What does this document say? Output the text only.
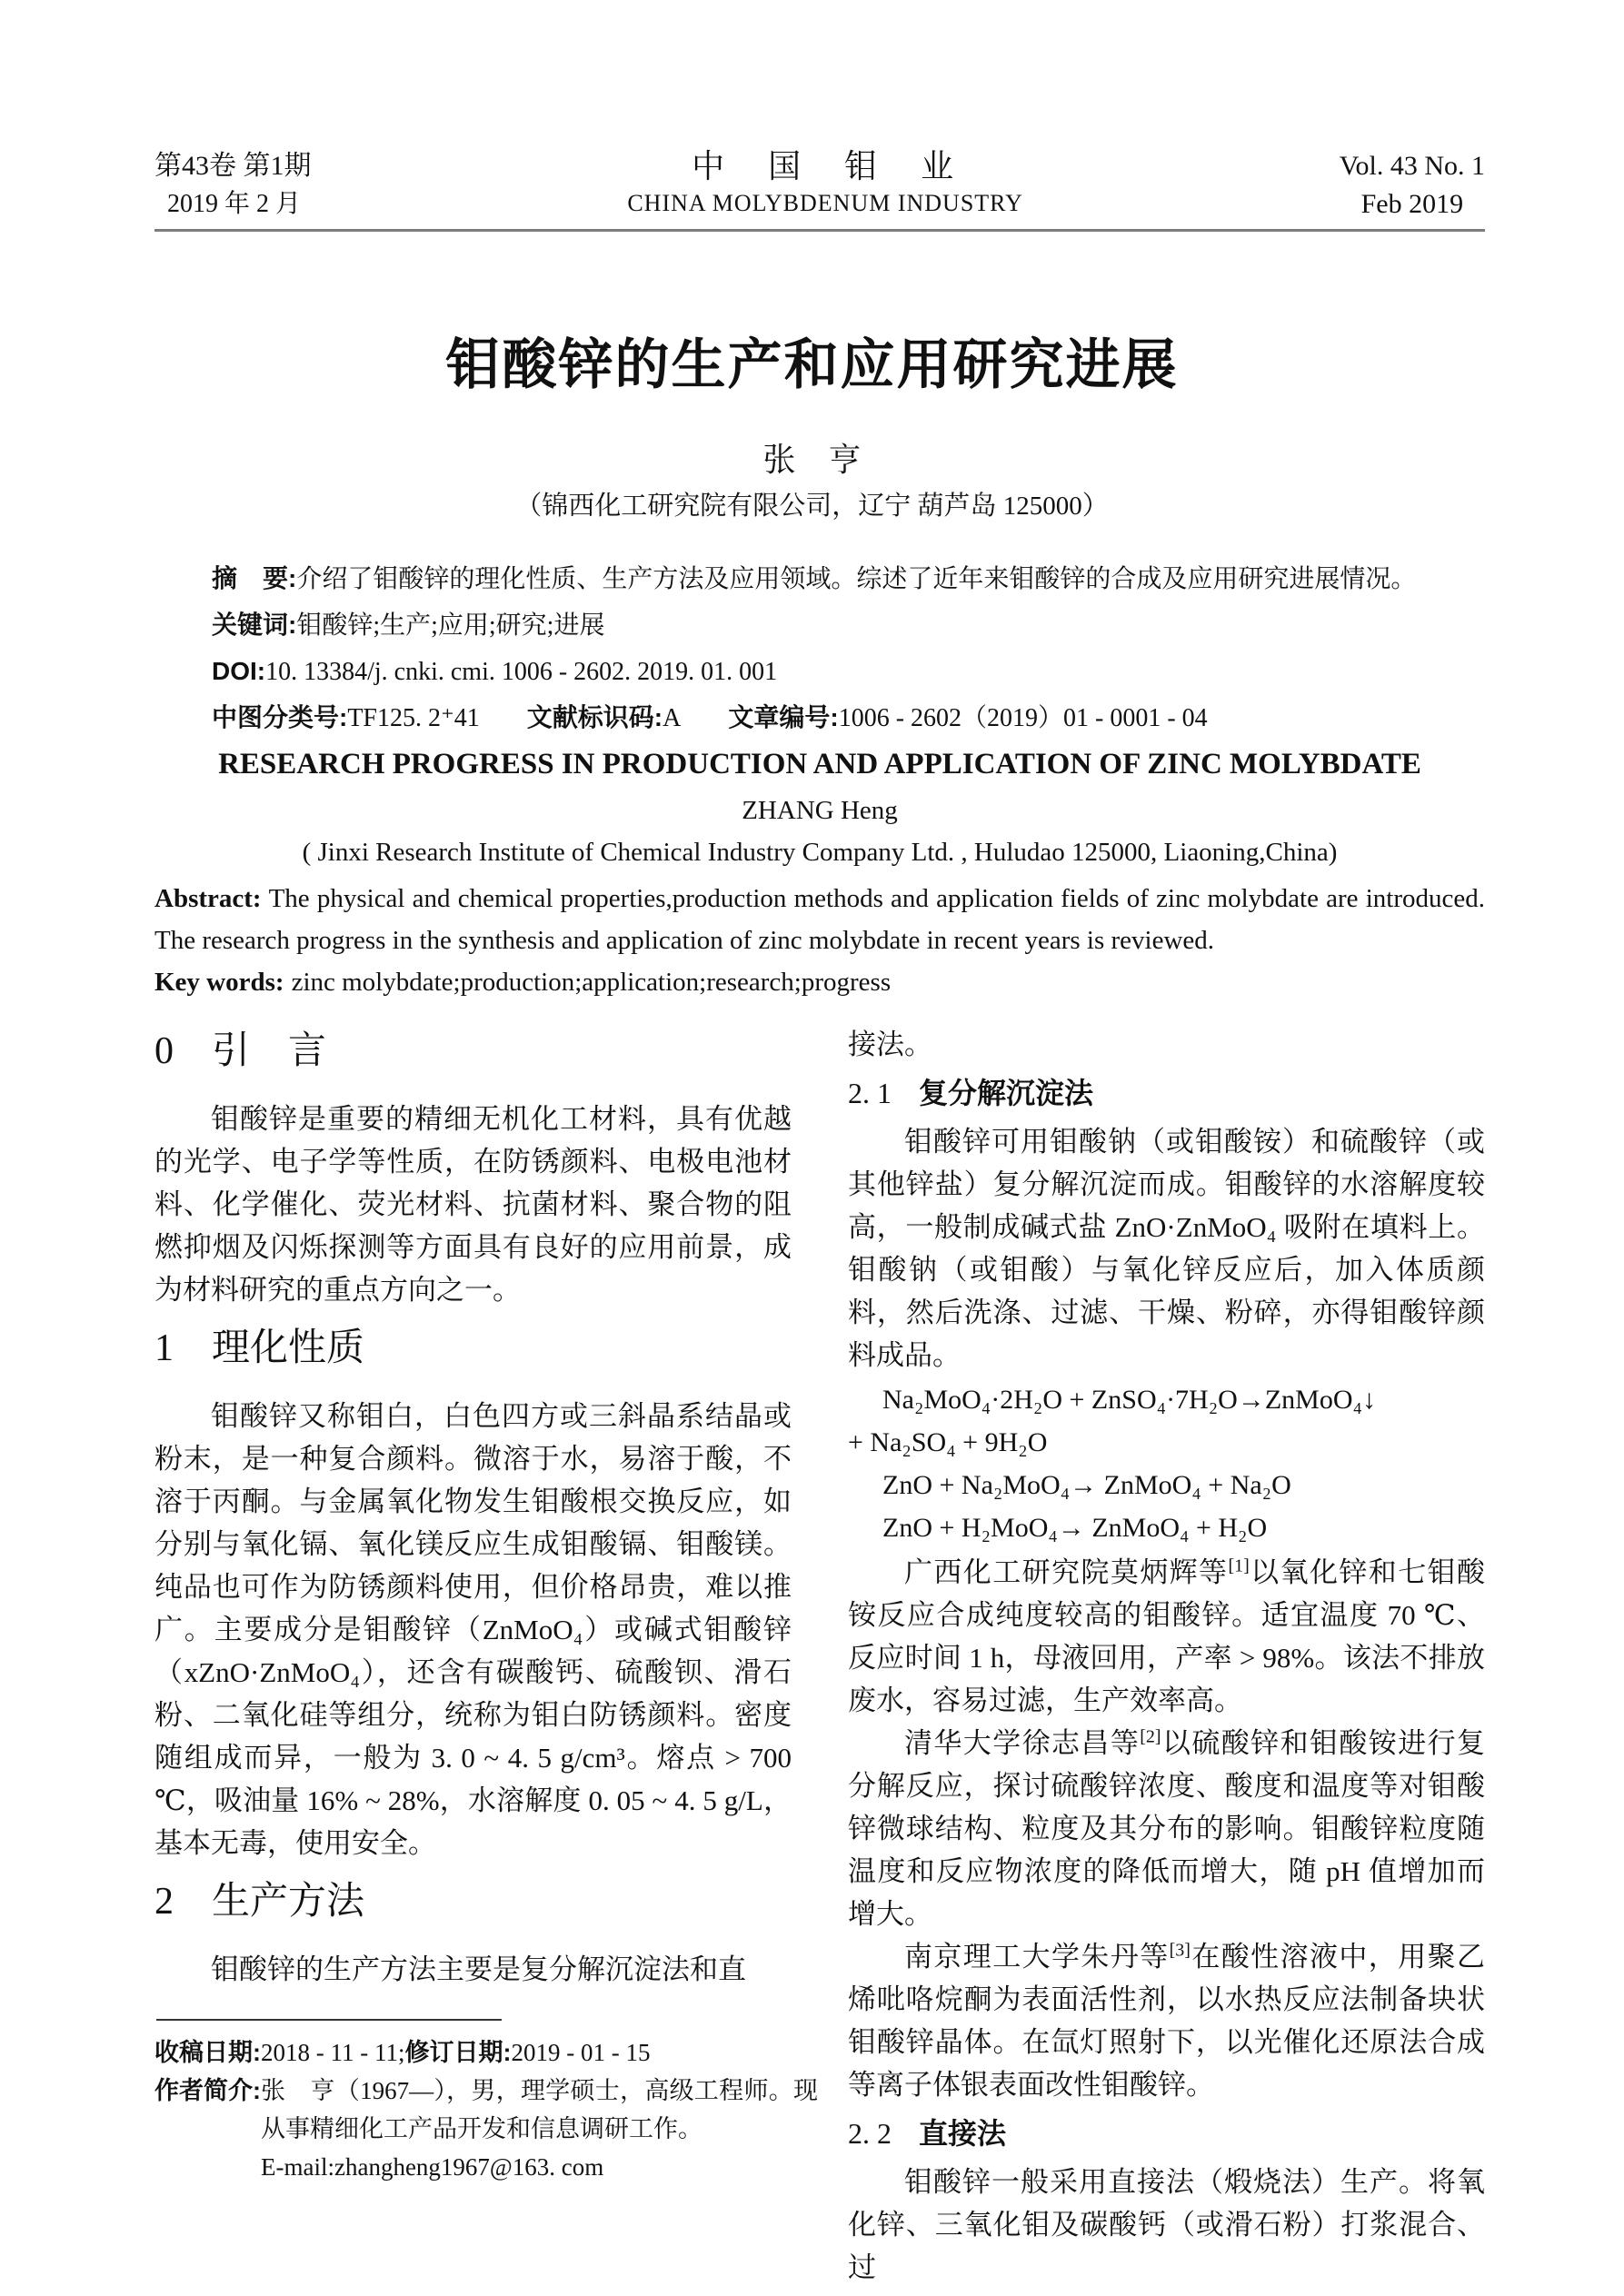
第43卷 第1期
2019 年 2 月
中　国　钼　业
CHINA MOLYBDENUM INDUSTRY
Vol. 43 No. 1
Feb 2019
钼酸锌的生产和应用研究进展
张　亨
（锦西化工研究院有限公司，辽宁 葫芦岛 125000）

摘　要:介绍了钼酸锌的理化性质、生产方法及应用领域。综述了近年来钼酸锌的合成及应用研究进展情况。

关键词:钼酸锌;生产;应用;研究;进展

DOI:10. 13384/j. cnki. cmi. 1006 - 2602. 2019. 01. 001

中图分类号:TF125. 2⁺41 文献标识码:A 文章编号:1006 - 2602（2019）01 - 0001 - 04

RESEARCH PROGRESS IN PRODUCTION AND APPLICATION OF ZINC MOLYBDATE
ZHANG Heng
( Jinxi Research Institute of Chemical Industry Company Ltd. , Huludao 125000, Liaoning,China)

Abstract: The physical and chemical properties,production methods and application fields of zinc molybdate are introduced. The research progress in the synthesis and application of zinc molybdate in recent years is reviewed.

Key words: zinc molybdate;production;application;research;progress

0　引　言

钼酸锌是重要的精细无机化工材料，具有优越的光学、电子学等性质，在防锈颜料、电极电池材料、化学催化、荧光材料、抗菌材料、聚合物的阻燃抑烟及闪烁探测等方面具有良好的应用前景，成为材料研究的重点方向之一。

1　理化性质

钼酸锌又称钼白，白色四方或三斜晶系结晶或粉末，是一种复合颜料。微溶于水，易溶于酸，不溶于丙酮。与金属氧化物发生钼酸根交换反应，如分别与氧化镉、氧化镁反应生成钼酸镉、钼酸镁。纯品也可作为防锈颜料使用，但价格昂贵，难以推广。主要成分是钼酸锌（ZnMoO₄）或碱式钼酸锌（xZnO·ZnMoO₄），还含有碳酸钙、硫酸钡、滑石粉、二氧化硅等组分，统称为钼白防锈颜料。密度随组成而异，一般为 3. 0 ~ 4. 5 g/cm³。熔点 > 700 ℃，吸油量 16% ~ 28%，水溶解度 0. 05 ~ 4. 5 g/L，基本无毒，使用安全。

2　生产方法

钼酸锌的生产方法主要是复分解沉淀法和直

接法。

2. 1 复分解沉淀法

钼酸锌可用钼酸钠（或钼酸铵）和硫酸锌（或其他锌盐）复分解沉淀而成。钼酸锌的水溶解度较高，一般制成碱式盐 ZnO·ZnMoO₄ 吸附在填料上。钼酸钠（或钼酸）与氧化锌反应后，加入体质颜料，然后洗涤、过滤、干燥、粉碎，亦得钼酸锌颜料成品。

Na₂MoO₄·2H₂O + ZnSO₄·7H₂O→ZnMoO₄↓

+ Na₂SO₄ + 9H₂O

ZnO + Na₂MoO₄→ ZnMoO₄ + Na₂O

ZnO + H₂MoO₄→ ZnMoO₄ + H₂O

广西化工研究院莫炳辉等[1]以氧化锌和七钼酸铵反应合成纯度较高的钼酸锌。适宜温度 70 ℃、反应时间 1 h，母液回用，产率 > 98%。该法不排放废水，容易过滤，生产效率高。

清华大学徐志昌等[2]以硫酸锌和钼酸铵进行复分解反应，探讨硫酸锌浓度、酸度和温度等对钼酸锌微球结构、粒度及其分布的影响。钼酸锌粒度随温度和反应物浓度的降低而增大，随 pH 值增加而增大。

南京理工大学朱丹等[3]在酸性溶液中，用聚乙烯吡咯烷酮为表面活性剂，以水热反应法制备块状钼酸锌晶体。在氙灯照射下，以光催化还原法合成等离子体银表面改性钼酸锌。

2. 2 直接法

钼酸锌一般采用直接法（煅烧法）生产。将氧化锌、三氧化钼及碳酸钙（或滑石粉）打浆混合、过

收稿日期:2018 - 11 - 11;修订日期:2019 - 01 - 15

作者简介: 张　亨（1967—），男，理学硕士，高级工程师。现从事精细化工产品开发和信息调研工作。

E-mail:zhangheng1967@163. com
